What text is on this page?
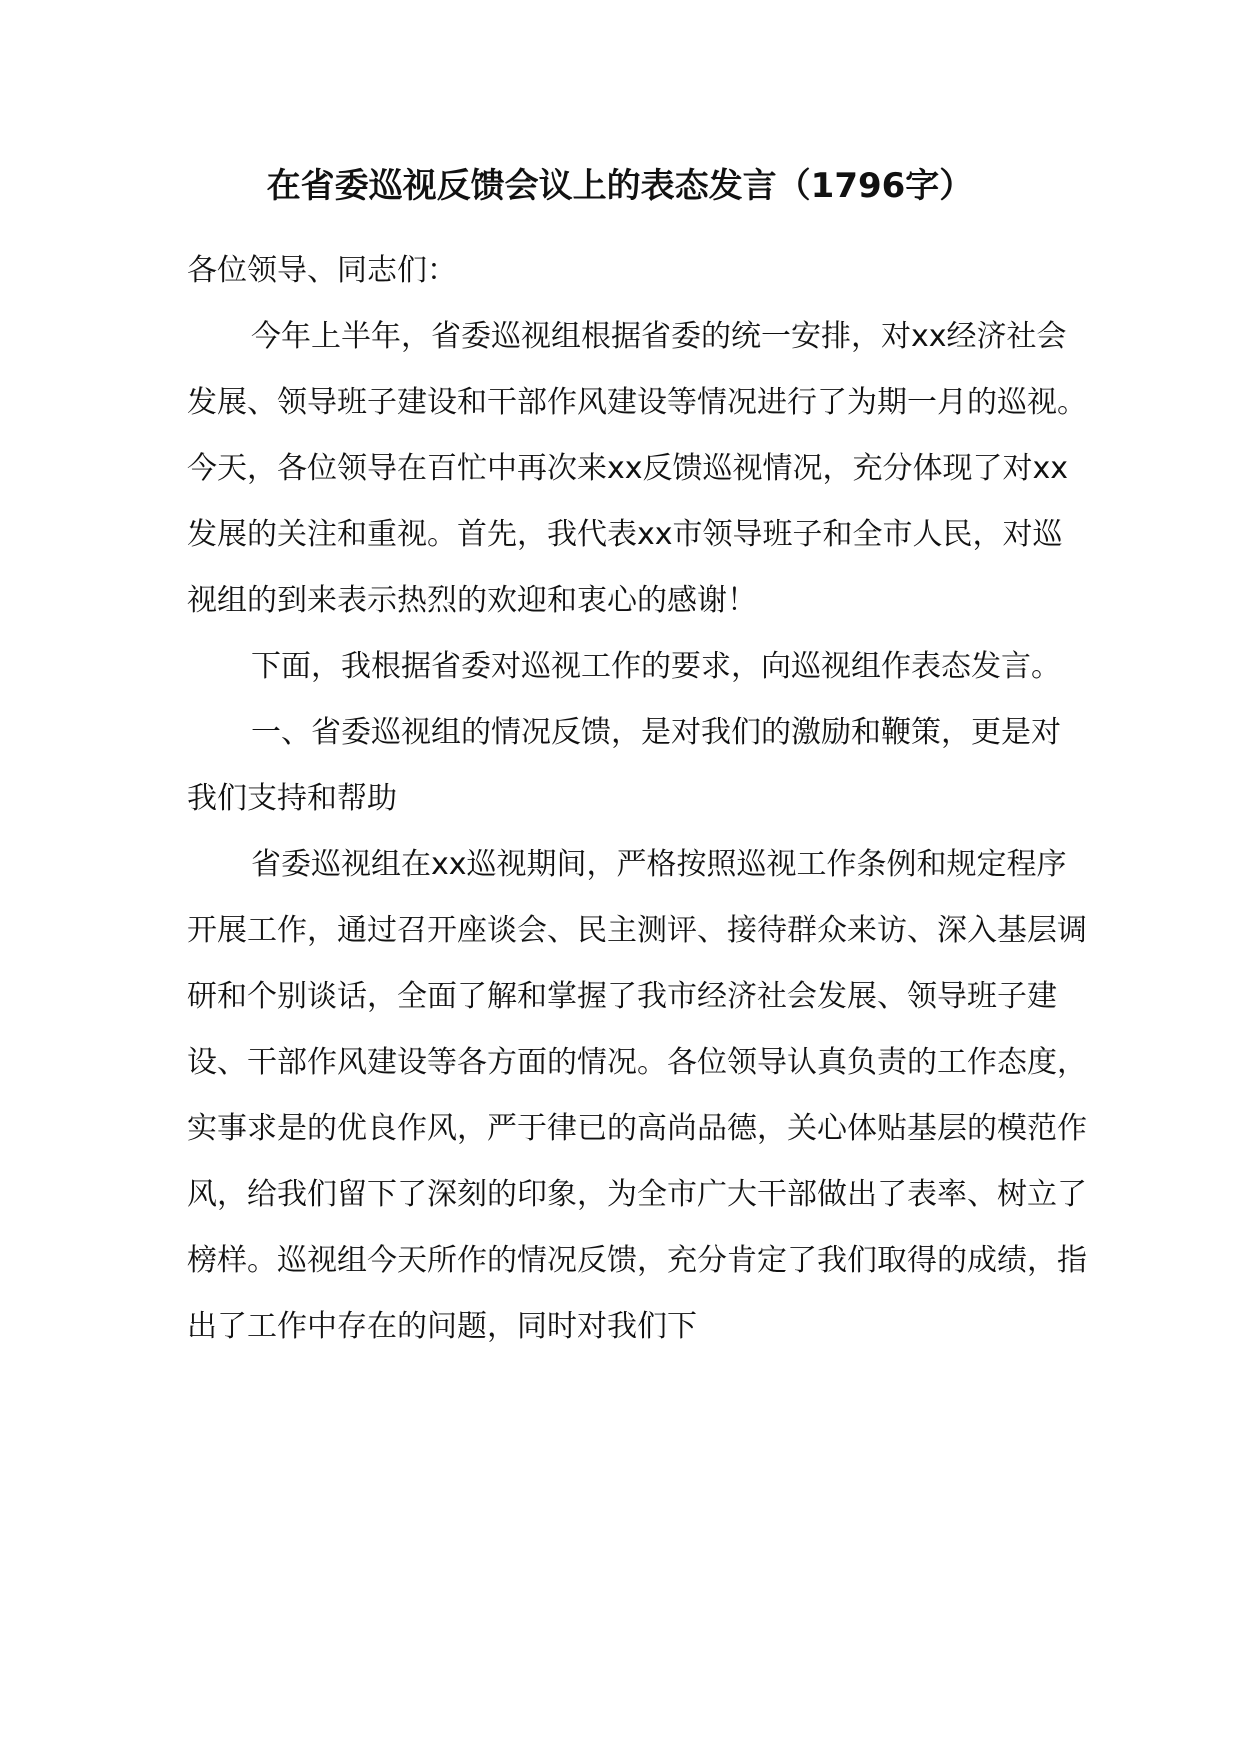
在省委巡视反馈会议上的表态发言（1796字）

各位领导、同志们：

今年上半年，省委巡视组根据省委的统一安排，对xx经济社会发展、领导班子建设和干部作风建设等情况进行了为期一月的巡视。今天，各位领导在百忙中再次来xx反馈巡视情况，充分体现了对xx发展的关注和重视。首先，我代表xx市领导班子和全市人民，对巡视组的到来表示热烈的欢迎和衷心的感谢！

下面，我根据省委对巡视工作的要求，向巡视组作表态发言。

一、省委巡视组的情况反馈，是对我们的激励和鞭策，更是对我们支持和帮助

省委巡视组在xx巡视期间，严格按照巡视工作条例和规定程序开展工作，通过召开座谈会、民主测评、接待群众来访、深入基层调研和个别谈话，全面了解和掌握了我市经济社会发展、领导班子建设、干部作风建设等各方面的情况。各位领导认真负责的工作态度，实事求是的优良作风，严于律已的高尚品德，关心体贴基层的模范作风，给我们留下了深刻的印象，为全市广大干部做出了表率、树立了榜样。巡视组今天所作的情况反馈，充分肯定了我们取得的成绩，指出了工作中存在的问题，同时对我们下
